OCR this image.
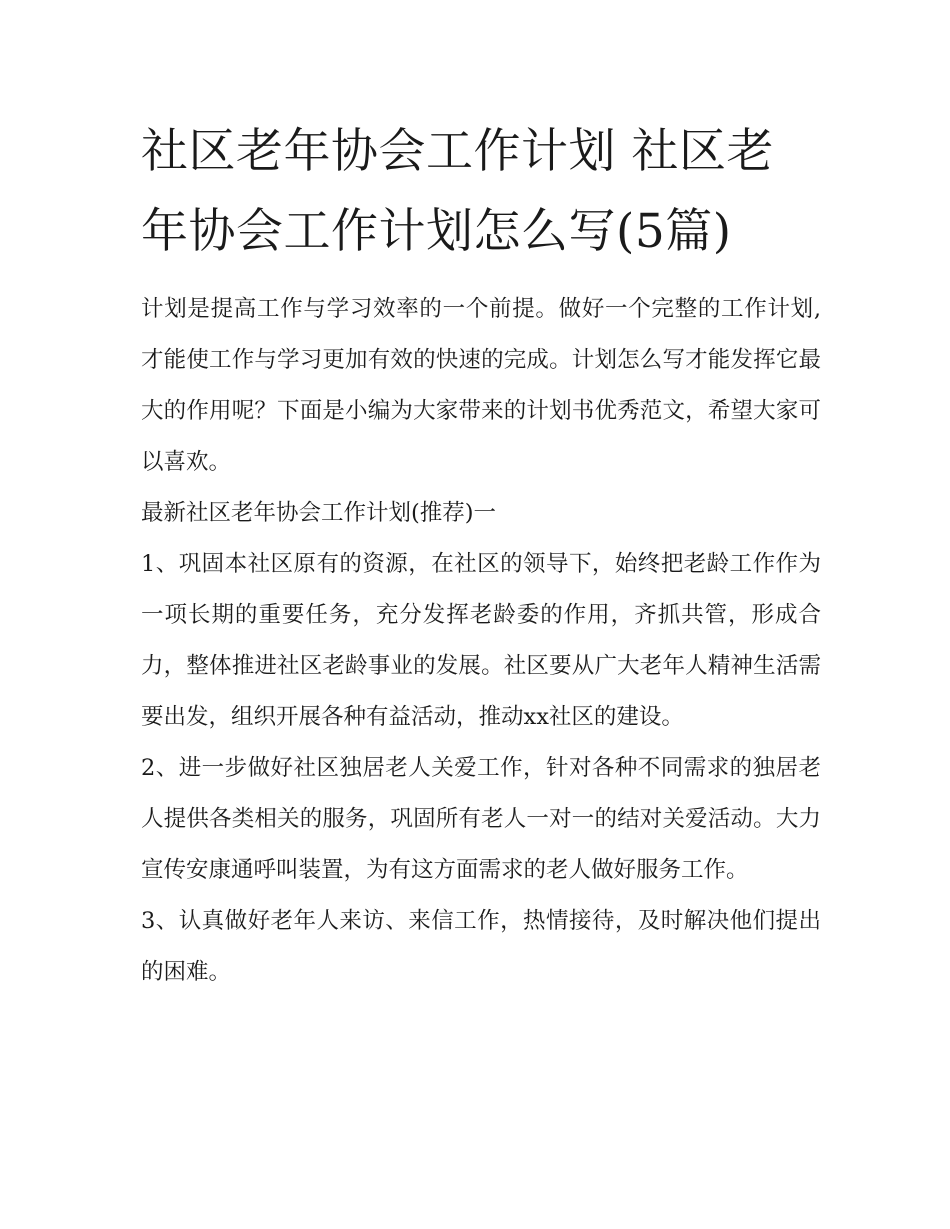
社区老年协会工作计划 社区老年协会工作计划怎么写(5篇)

计划是提高工作与学习效率的一个前提。做好一个完整的工作计划,才能使工作与学习更加有效的快速的完成。计划怎么写才能发挥它最大的作用呢？下面是小编为大家带来的计划书优秀范文，希望大家可以喜欢。

最新社区老年协会工作计划(推荐)一

1、巩固本社区原有的资源，在社区的领导下，始终把老龄工作作为一项长期的重要任务，充分发挥老龄委的作用，齐抓共管，形成合力，整体推进社区老龄事业的发展。社区要从广大老年人精神生活需要出发，组织开展各种有益活动，推动xx社区的建设。

2、进一步做好社区独居老人关爱工作，针对各种不同需求的独居老人提供各类相关的服务，巩固所有老人一对一的结对关爱活动。大力宣传安康通呼叫装置，为有这方面需求的老人做好服务工作。

3、认真做好老年人来访、来信工作，热情接待，及时解决他们提出的困难。
